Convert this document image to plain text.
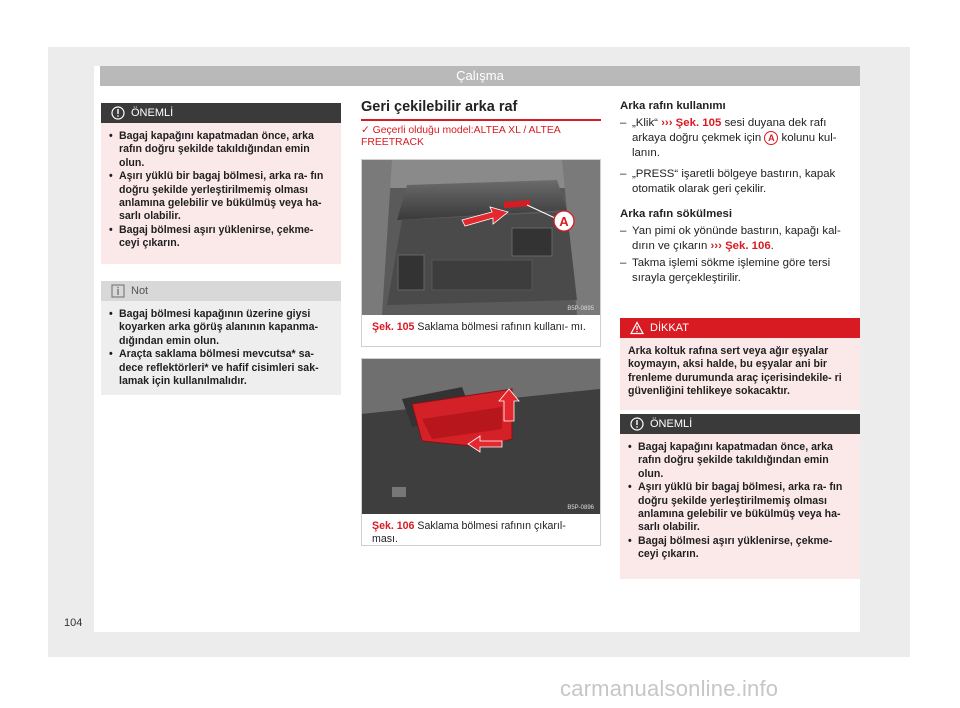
Çalışma
ÖNEMLİ
• Bagaj kapağını kapatmadan önce, arka rafın doğru şekilde takıldığından emin olun.
• Aşırı yüklü bir bagaj bölmesi, arka ra- fın doğru şekilde yerleştirilmemiş olması anlamına gelebilir ve bükülmüş veya ha- sarlı olabilir.
• Bagaj bölmesi aşırı yüklenirse, çekme- ceyi çıkarın.
Not
• Bagaj bölmesi kapağının üzerine giysi koyarken arka görüş alanının kapanma- dığından emin olun.
• Araçta saklama bölmesi mevcutsa* sa- dece reflektörleri* ve hafif cisimleri sak- lamak için kullanılmalıdır.
Geri çekilebilir arka raf
✓ Geçerli olduğu model:ALTEA XL / ALTEA FREETRACK
A
B5P-0895
Şek. 105 Saklama bölmesi rafının kullanı- mı.
B5P-0896
Şek. 106 Saklama bölmesi rafının çıkarıl- ması.
Arka rafın kullanımı
– „Klik“ ››› Şek. 105 sesi duyana dek rafı arkaya doğru çekmek için A kolunu kul- lanın.
– „PRESS“ işaretli bölgeye bastırın, kapak otomatik olarak geri çekilir.
Arka rafın sökülmesi
– Yan pimi ok yönünde bastırın, kapağı kal- dırın ve çıkarın ››› Şek. 106.
– Takma işlemi sökme işlemine göre tersi sırayla gerçekleştirilir.
DİKKAT

Arka koltuk rafına sert veya ağır eşyalar koymayın, aksi halde, bu eşyalar ani bir frenleme durumunda araç içerisindekile- ri güvenliğini tehlikeye sokacaktır.

ÖNEMLİ
• Bagaj kapağını kapatmadan önce, arka rafın doğru şekilde takıldığından emin olun.
• Aşırı yüklü bir bagaj bölmesi, arka ra- fın doğru şekilde yerleştirilmemiş olması anlamına gelebilir ve bükülmüş veya ha- sarlı olabilir.
• Bagaj bölmesi aşırı yüklenirse, çekme- ceyi çıkarın.
104
carmanualsonline.info
